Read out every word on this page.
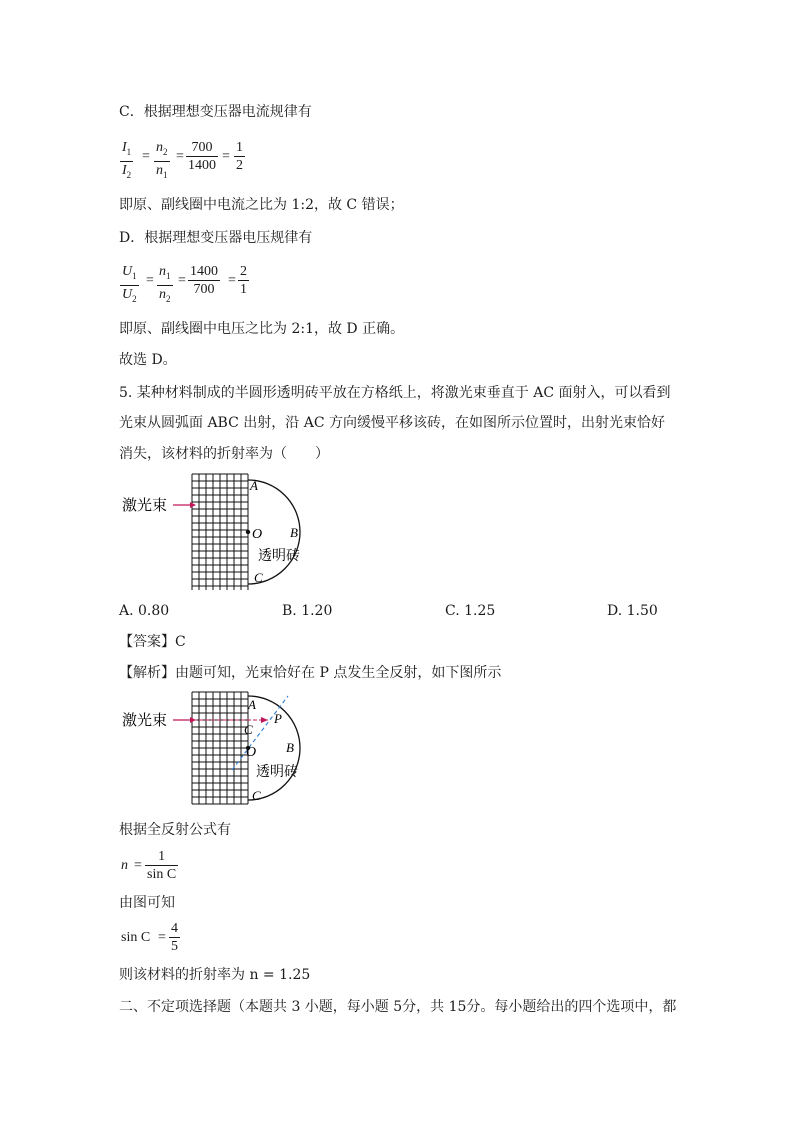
C．根据理想变压器电流规律有
$\frac{I_1}{I_2} = \frac{n_2}{n_1} = \frac{700}{1400} = \frac{1}{2}$
即原、副线圈中电流之比为 1:2，故 C 错误；
D．根据理想变压器电压规律有
$\frac{U_1}{U_2} = \frac{n_1}{n_2} = \frac{1400}{700} = \frac{2}{1}$
即原、副线圈中电压之比为 2:1，故 D 正确。
故选 D。
5. 某种材料制成的半圆形透明砖平放在方格纸上，将激光束垂直于 AC 面射入，可以看到
光束从圆弧面 ABC 出射，沿 AC 方向缓慢平移该砖，在如图所示位置时，出射光束恰好
消失，该材料的折射率为（　　）
激光束
A
B
O
透明砖
C
A. 0.80	B. 1.20	C. 1.25	D. 1.50
【答案】C
【解析】由题可知，光束恰好在 P 点发生全反射，如下图所示
激光束
A
P
C
B
O
透明砖
C
根据全反射公式有
$n = \frac{1}{\text{sin C}}$
由图可知
$\sin C = \frac{4}{5}$
则该材料的折射率为 n = 1.25
二、不定项选择题（本题共 3 小题，每小题 5分，共 15分。每小题给出的四个选项中，都
